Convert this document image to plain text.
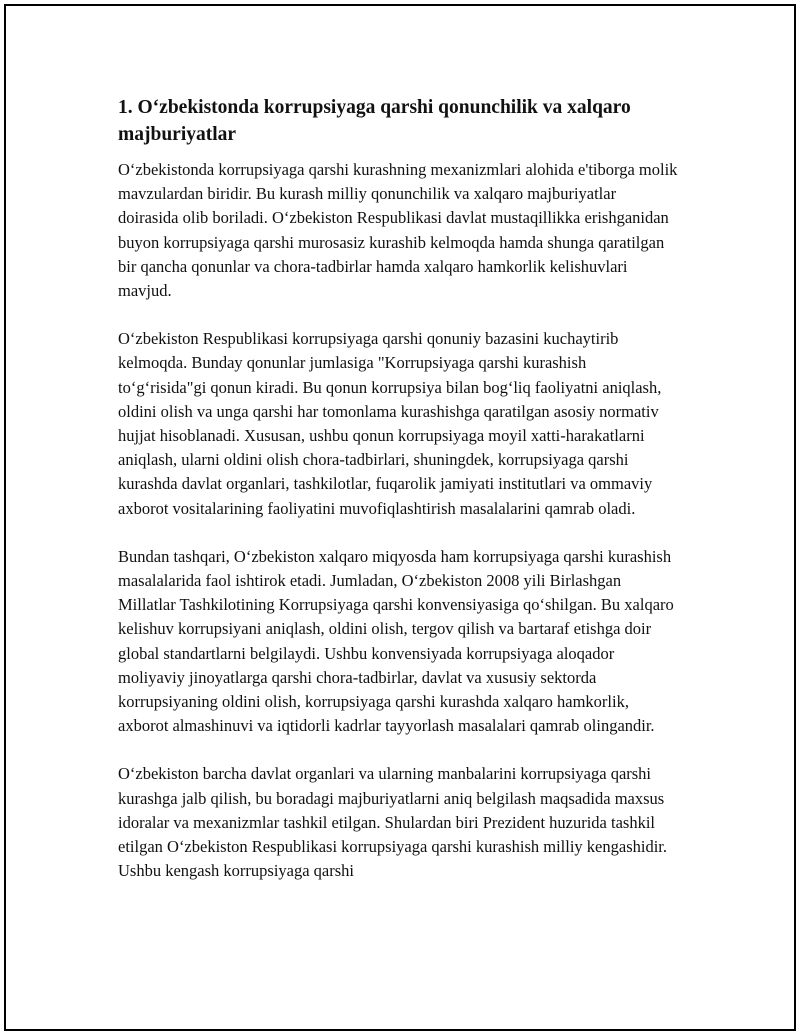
1. O‘zbekistonda korrupsiyaga qarshi qonunchilik va xalqaro majburiyatlar

O‘zbekistonda korrupsiyaga qarshi kurashning mexanizmlari alohida e'tiborga molik mavzulardan biridir. Bu kurash milliy qonunchilik va xalqaro majburiyatlar doirasida olib boriladi. O‘zbekiston Respublikasi davlat mustaqillikka erishganidan buyon korrupsiyaga qarshi murosasiz kurashib kelmoqda hamda shunga qaratilgan bir qancha qonunlar va chora-tadbirlar hamda xalqaro hamkorlik kelishuvlari mavjud.

O‘zbekiston Respublikasi korrupsiyaga qarshi qonuniy bazasini kuchaytirib kelmoqda. Bunday qonunlar jumlasiga "Korrupsiyaga qarshi kurashish to‘g‘risida"gi qonun kiradi. Bu qonun korrupsiya bilan bog‘liq faoliyatni aniqlash, oldini olish va unga qarshi har tomonlama kurashishga qaratilgan asosiy normativ hujjat hisoblanadi. Xususan, ushbu qonun korrupsiyaga moyil xatti-harakatlarni aniqlash, ularni oldini olish chora-tadbirlari, shuningdek, korrupsiyaga qarshi kurashda davlat organlari, tashkilotlar, fuqarolik jamiyati institutlari va ommaviy axborot vositalarining faoliyatini muvofiqlashtirish masalalarini qamrab oladi.

Bundan tashqari, O‘zbekiston xalqaro miqyosda ham korrupsiyaga qarshi kurashish masalalarida faol ishtirok etadi. Jumladan, O‘zbekiston 2008 yili Birlashgan Millatlar Tashkilotining Korrupsiyaga qarshi konvensiyasiga qo‘shilgan. Bu xalqaro kelishuv korrupsiyani aniqlash, oldini olish, tergov qilish va bartaraf etishga doir global standartlarni belgilaydi. Ushbu konvensiyada korrupsiyaga aloqador moliyaviy jinoyatlarga qarshi chora-tadbirlar, davlat va xususiy sektorda korrupsiyaning oldini olish, korrupsiyaga qarshi kurashda xalqaro hamkorlik, axborot almashinuvi va iqtidorli kadrlar tayyorlash masalalari qamrab olingandir.

O‘zbekiston barcha davlat organlari va ularning manbalarini korrupsiyaga qarshi kurashga jalb qilish, bu boradagi majburiyatlarni aniq belgilash maqsadida maxsus idoralar va mexanizmlar tashkil etilgan. Shulardan biri Prezident huzurida tashkil etilgan O‘zbekiston Respublikasi korrupsiyaga qarshi kurashish milliy kengashidir. Ushbu kengash korrupsiyaga qarshi
